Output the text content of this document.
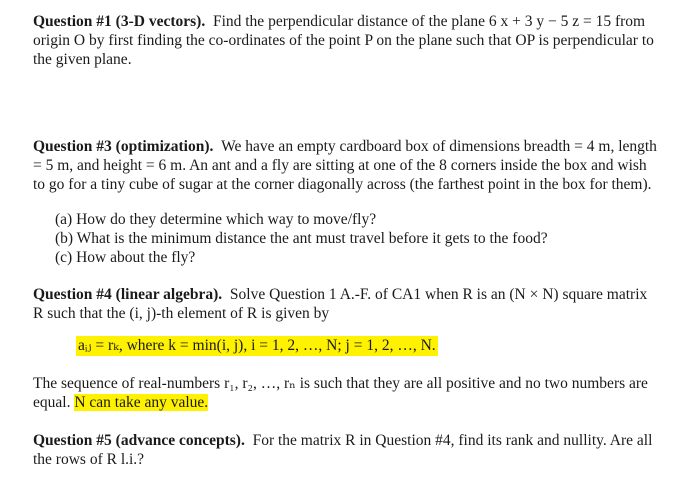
Question #1 (3-D vectors). Find the perpendicular distance of the plane 6 x + 3 y − 5 z = 15 from

origin O by first finding the co-ordinates of the point P on the plane such that OP is perpendicular to

the given plane.

Question #3 (optimization). We have an empty cardboard box of dimensions breadth = 4 m, length

= 5 m, and height = 6 m. An ant and a fly are sitting at one of the 8 corners inside the box and wish

to go for a tiny cube of sugar at the corner diagonally across (the farthest point in the box for them).

(a) How do they determine which way to move/fly?
(b) What is the minimum distance the ant must travel before it gets to the food?
(c) How about the fly?

Question #4 (linear algebra). Solve Question 1 A.-F. of CA1 when R is an (N × N) square matrix

R such that the (i, j)-th element of R is given by

aᵢⱼ = rₖ, where k = min(i, j), i = 1, 2, …, N; j = 1, 2, …, N.

The sequence of real-numbers r₁, r₂, …, rₙ is such that they are all positive and no two numbers are

equal. N can take any value.

Question #5 (advance concepts). For the matrix R in Question #4, find its rank and nullity. Are all

the rows of R l.i.?
